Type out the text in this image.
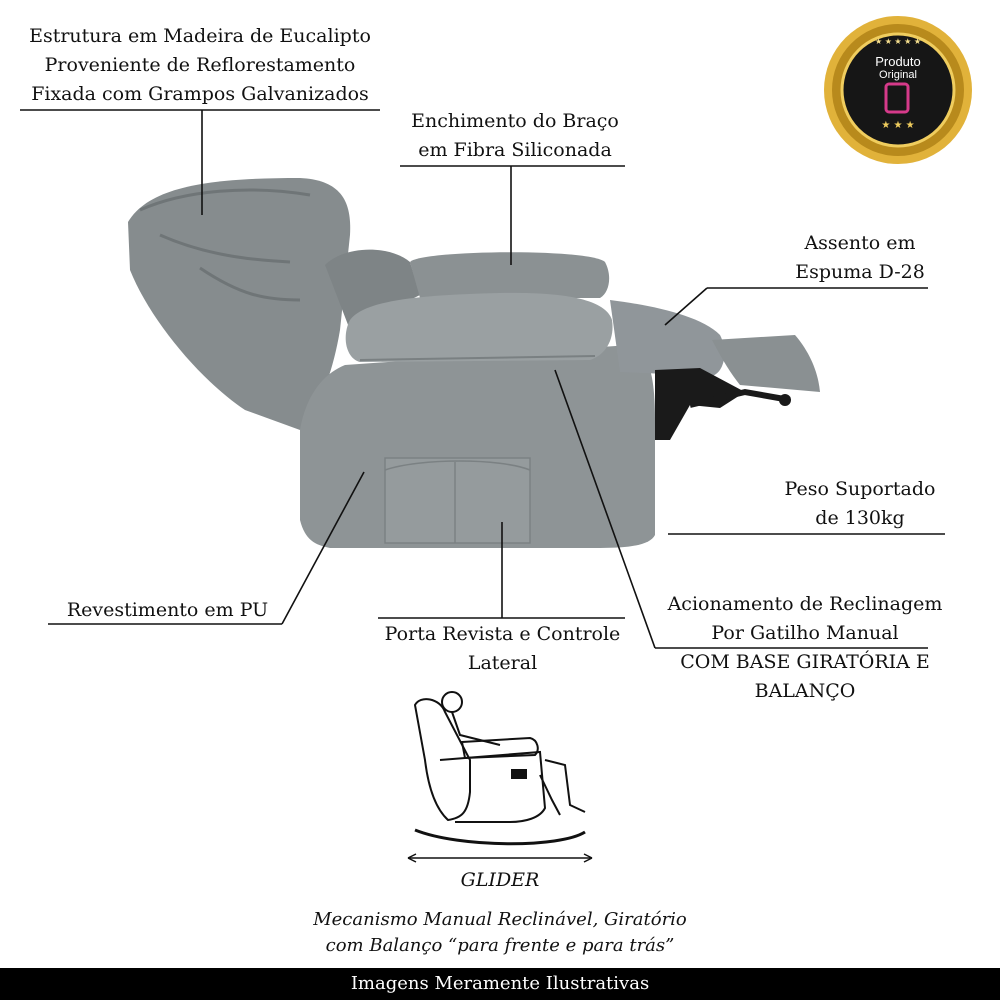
★ ★ ★
★ ★ ★ ★ ★
Estrutura em Madeira de Eucalipto
Proveniente de Reflorestamento
Fixada com Grampos Galvanizados
Enchimento do Braço
em Fibra Siliconada
Assento em
Espuma D-28
Peso Suportado
de 130kg
Revestimento em PU
Porta Revista e Controle
Lateral
Acionamento de Reclinagem
Por Gatilho Manual
COM BASE GIRATÓRIA E
BALANÇO
Produto
Original
GLIDER
Mecanismo Manual Reclinável, Giratório
com Balanço “para frente e para trás”
Imagens Meramente Ilustrativas
